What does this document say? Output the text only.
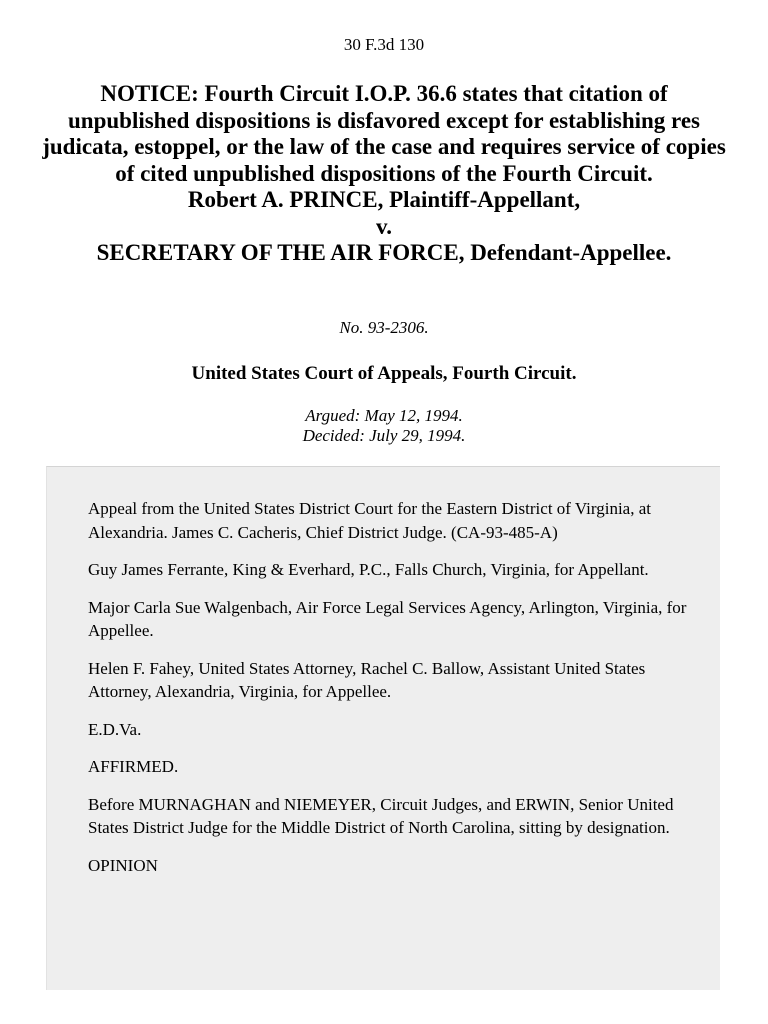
30 F.3d 130
NOTICE: Fourth Circuit I.O.P. 36.6 states that citation of unpublished dispositions is disfavored except for establishing res judicata, estoppel, or the law of the case and requires service of copies of cited unpublished dispositions of the Fourth Circuit.
Robert A. PRINCE, Plaintiff-Appellant,
v.
SECRETARY OF THE AIR FORCE, Defendant-Appellee.
No. 93-2306.
United States Court of Appeals, Fourth Circuit.
Argued: May 12, 1994.
Decided: July 29, 1994.

Appeal from the United States District Court for the Eastern District of Virginia, at Alexandria. James C. Cacheris, Chief District Judge. (CA-93-485-A)

Guy James Ferrante, King & Everhard, P.C., Falls Church, Virginia, for Appellant.

Major Carla Sue Walgenbach, Air Force Legal Services Agency, Arlington, Virginia, for Appellee.

Helen F. Fahey, United States Attorney, Rachel C. Ballow, Assistant United States Attorney, Alexandria, Virginia, for Appellee.

E.D.Va.

AFFIRMED.

Before MURNAGHAN and NIEMEYER, Circuit Judges, and ERWIN, Senior United States District Judge for the Middle District of North Carolina, sitting by designation.

OPINION
